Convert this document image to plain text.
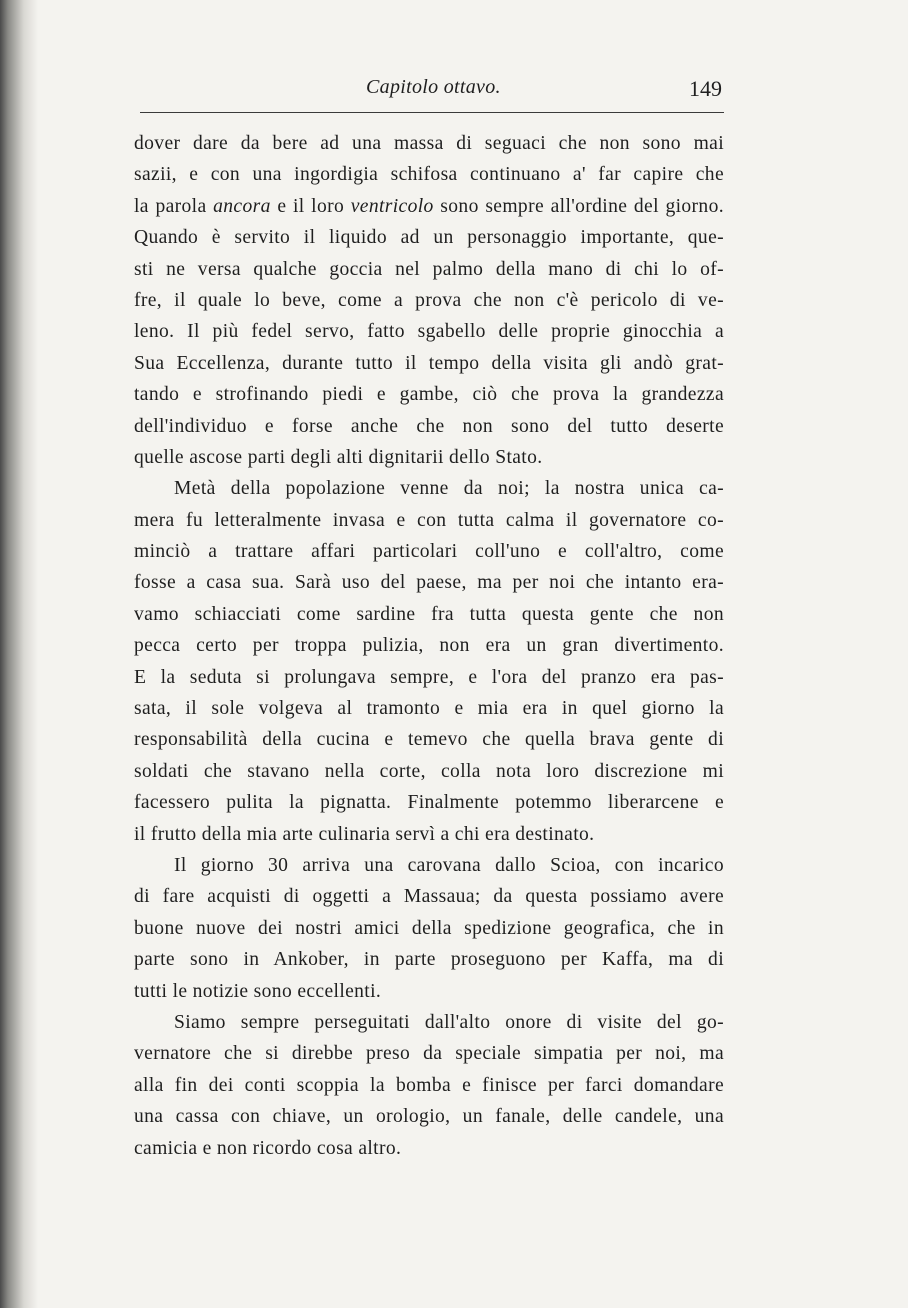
Capitolo ottavo.	149
dover dare da bere ad una massa di seguaci che non sono mai
sazii, e con una ingordigia schifosa continuano a' far capire che
la parola ancora e il loro ventricolo sono sempre all'ordine del giorno.
Quando è servito il liquido ad un personaggio importante, que-
sti ne versa qualche goccia nel palmo della mano di chi lo of-
fre, il quale lo beve, come a prova che non c'è pericolo di ve-
leno. Il più fedel servo, fatto sgabello delle proprie ginocchia a
Sua Eccellenza, durante tutto il tempo della visita gli andò grat-
tando e strofinando piedi e gambe, ciò che prova la grandezza
dell'individuo e forse anche che non sono del tutto deserte
quelle ascose parti degli alti dignitarii dello Stato.
Metà della popolazione venne da noi; la nostra unica ca-
mera fu letteralmente invasa e con tutta calma il governatore co-
minciò a trattare affari particolari coll'uno e coll'altro, come
fosse a casa sua. Sarà uso del paese, ma per noi che intanto era-
vamo schiacciati come sardine fra tutta questa gente che non
pecca certo per troppa pulizia, non era un gran divertimento.
E la seduta si prolungava sempre, e l'ora del pranzo era pas-
sata, il sole volgeva al tramonto e mia era in quel giorno la
responsabilità della cucina e temevo che quella brava gente di
soldati che stavano nella corte, colla nota loro discrezione mi
facessero pulita la pignatta. Finalmente potemmo liberarcene e
il frutto della mia arte culinaria servì a chi era destinato.
Il giorno 30 arriva una carovana dallo Scioa, con incarico
di fare acquisti di oggetti a Massaua; da questa possiamo avere
buone nuove dei nostri amici della spedizione geografica, che in
parte sono in Ankober, in parte proseguono per Kaffa, ma di
tutti le notizie sono eccellenti.
Siamo sempre perseguitati dall'alto onore di visite del go-
vernatore che si direbbe preso da speciale simpatia per noi, ma
alla fin dei conti scoppia la bomba e finisce per farci domandare
una cassa con chiave, un orologio, un fanale, delle candele, una
camicia e non ricordo cosa altro.
